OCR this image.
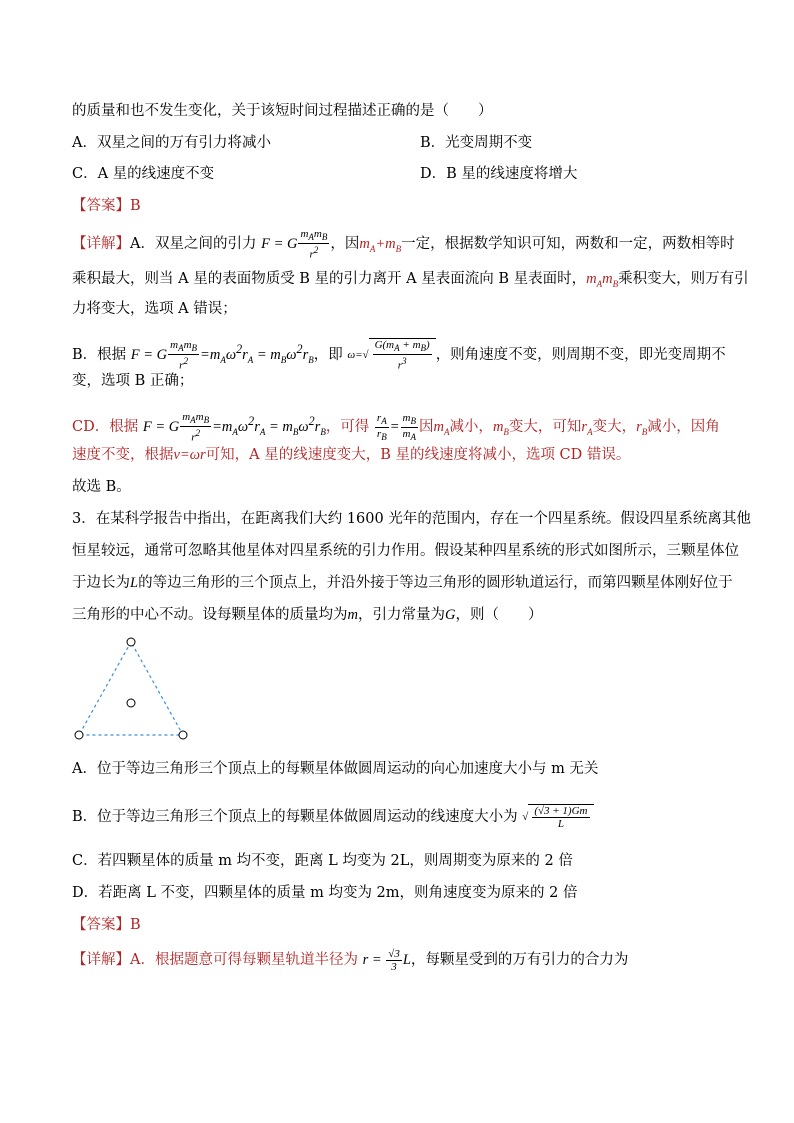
的质量和也不发生变化，关于该短时间过程描述正确的是（　　）
A．双星之间的万有引力将减小	B．光变周期不变
C．A 星的线速度不变	D．B 星的线速度将增大
【答案】B
【详解】A．双星之间的引力 F = G $\frac{m_Am_B}{r^2}$ ，因$m_A+m_B$一定，根据数学知识可知，两数和一定，两数相等时
乘积最大，则当 A 星的表面物质受 B 星的引力离开 A 星表面流向 B 星表面时，$m_Am_B$乘积变大，则万有引
力将变大，选项 A 错误；
B．根据 F = G $\frac{m_Am_B}{r^2} =m_A\omega^2r_A = m_B\omega^2r_B$，即 $\omega=√ \frac{G(m_A + m_B)}{r^3}$ ，则角速度不变，则周期不变，即光变周期不
变，选项 B 正确；
CD．根据 F = G $\frac{m_Am_B}{r^2} =m_A\omega^2r_A = m_B\omega^2r_B$，可得 $\frac{r_A}{r_B} = \frac{m_B}{m_A}$ 因$m_A$减小，$m_B$变大，可知$r_A$变大，$r_B$减小，因角
速度不变，根据v=ωr可知，A 星的线速度变大，B 星的线速度将减小，选项 CD 错误。
故选 B。
3．在某科学报告中指出，在距离我们大约 1600 光年的范围内，存在一个四星系统。假设四星系统离其他
恒星较远，通常可忽略其他星体对四星系统的引力作用。假设某种四星系统的形式如图所示，三颗星体位
于边长为L的等边三角形的三个顶点上，并沿外接于等边三角形的圆形轨道运行，而第四颗星体刚好位于
三角形的中心不动。设每颗星体的质量均为m，引力常量为G，则（　　）
A．位于等边三角形三个顶点上的每颗星体做圆周运动的向心加速度大小与 m 无关
B．位于等边三角形三个顶点上的每颗星体做圆周运动的线速度大小为 √ $\frac{(√3 + 1)Gm}{L}$
C．若四颗星体的质量 m 均不变，距离 L 均变为 2L，则周期变为原来的 2 倍
D．若距离 L 不变，四颗星体的质量 m 均变为 2m，则角速度变为原来的 2 倍
【答案】B
【详解】A．根据题意可得每颗星轨道半径为 $r = \frac{√3}{3}$ L，每颗星受到的万有引力的合力为
